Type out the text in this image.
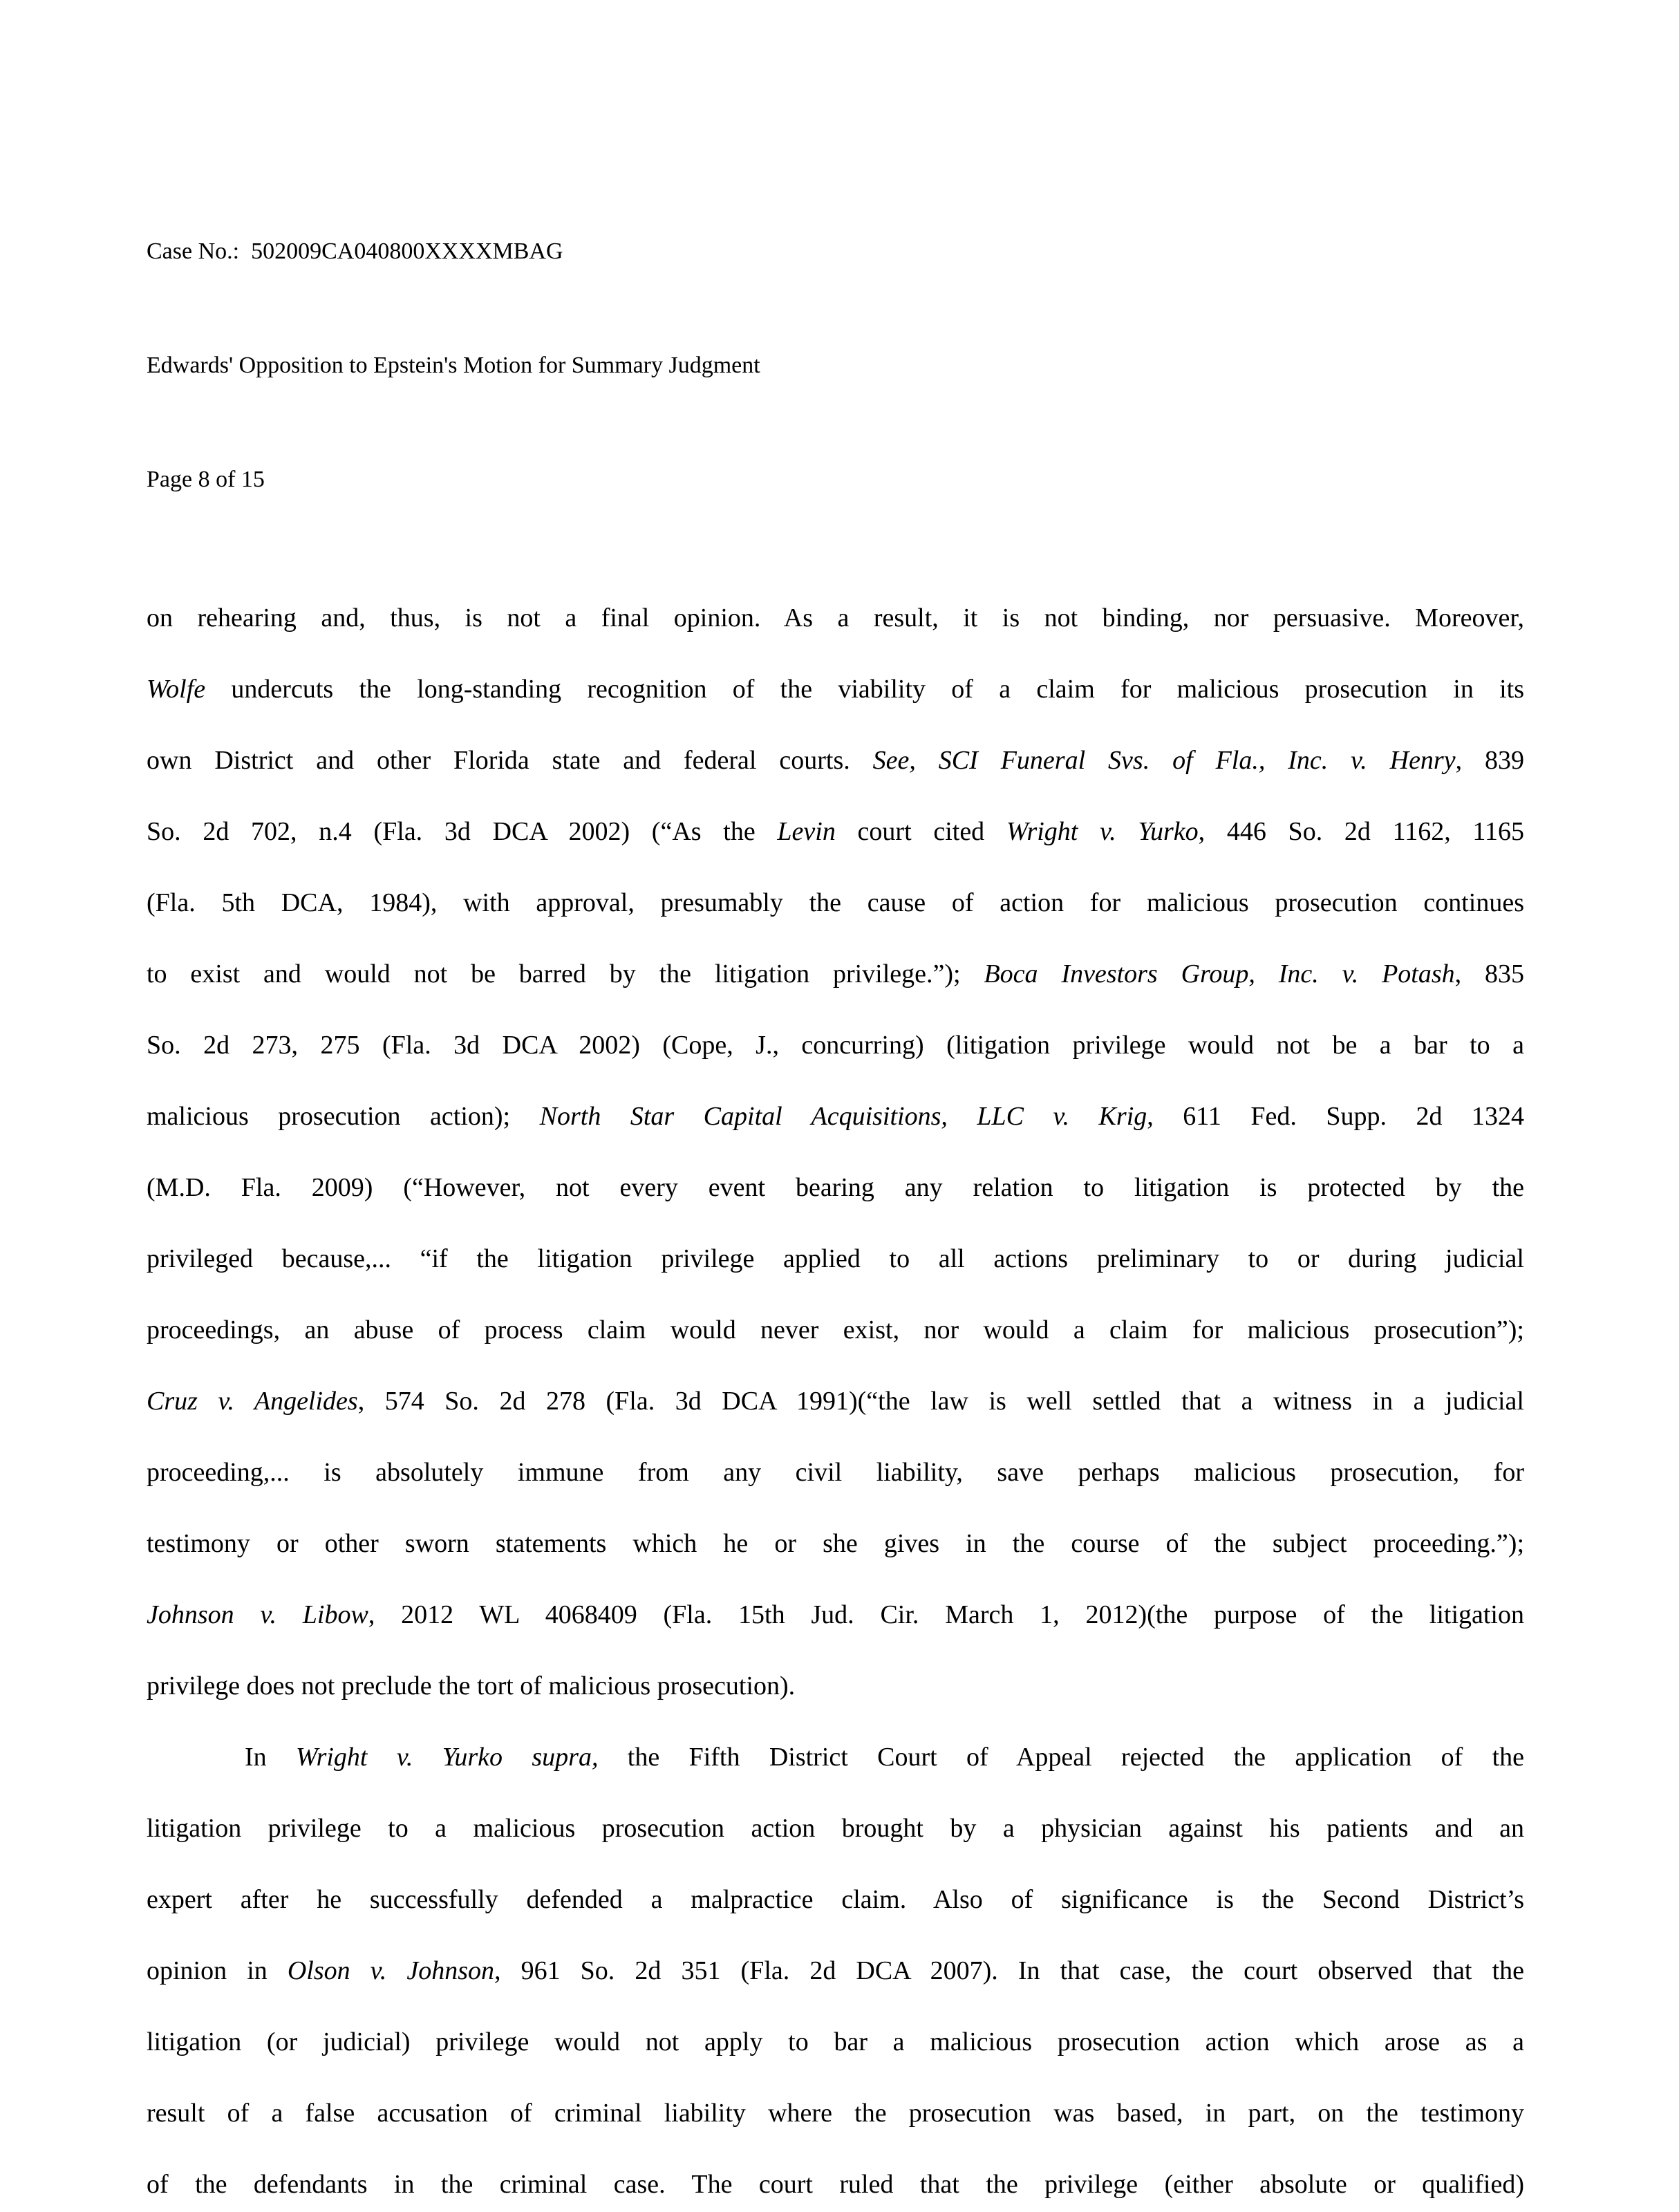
Case No.:  502009CA040800XXXXMBAG

Edwards' Opposition to Epstein's Motion for Summary Judgment

Page 8 of 15

on rehearing and, thus, is not a final opinion. As a result, it is not binding, nor persuasive. Moreover,
Wolfe undercuts the long-standing recognition of the viability of a claim for malicious prosecution in its
own District and other Florida state and federal courts. See, SCI Funeral Svs. of Fla., Inc. v. Henry, 839
So. 2d 702, n.4 (Fla. 3d DCA 2002) (“As the Levin court cited Wright v. Yurko, 446 So. 2d 1162, 1165
(Fla. 5th DCA, 1984), with approval, presumably the cause of action for malicious prosecution continues
to exist and would not be barred by the litigation privilege.”); Boca Investors Group, Inc. v. Potash, 835
So. 2d 273, 275 (Fla. 3d DCA 2002) (Cope, J., concurring) (litigation privilege would not be a bar to a
malicious prosecution action); North Star Capital Acquisitions, LLC v. Krig, 611 Fed. Supp. 2d 1324
(M.D. Fla. 2009) (“However, not every event bearing any relation to litigation is protected by the
privileged because,... “if the litigation privilege applied to all actions preliminary to or during judicial
proceedings, an abuse of process claim would never exist, nor would a claim for malicious prosecution”);
Cruz v. Angelides, 574 So. 2d 278 (Fla. 3d DCA 1991)(“the law is well settled that a witness in a judicial
proceeding,... is absolutely immune from any civil liability, save perhaps malicious prosecution, for
testimony or other sworn statements which he or she gives in the course of the subject proceeding.”);
Johnson v. Libow, 2012 WL 4068409 (Fla. 15th Jud. Cir. March 1, 2012)(the purpose of the litigation
privilege does not preclude the tort of malicious prosecution).
In Wright v. Yurko supra, the Fifth District Court of Appeal rejected the application of the
litigation privilege to a malicious prosecution action brought by a physician against his patients and an
expert after he successfully defended a malpractice claim. Also of significance is the Second District’s
opinion in Olson v. Johnson, 961 So. 2d 351 (Fla. 2d DCA 2007). In that case, the court observed that the
litigation (or judicial) privilege would not apply to bar a malicious prosecution action which arose as a
result of a false accusation of criminal liability where the prosecution was based, in part, on the testimony
of the defendants in the criminal case. The court ruled that the privilege (either absolute or qualified)
